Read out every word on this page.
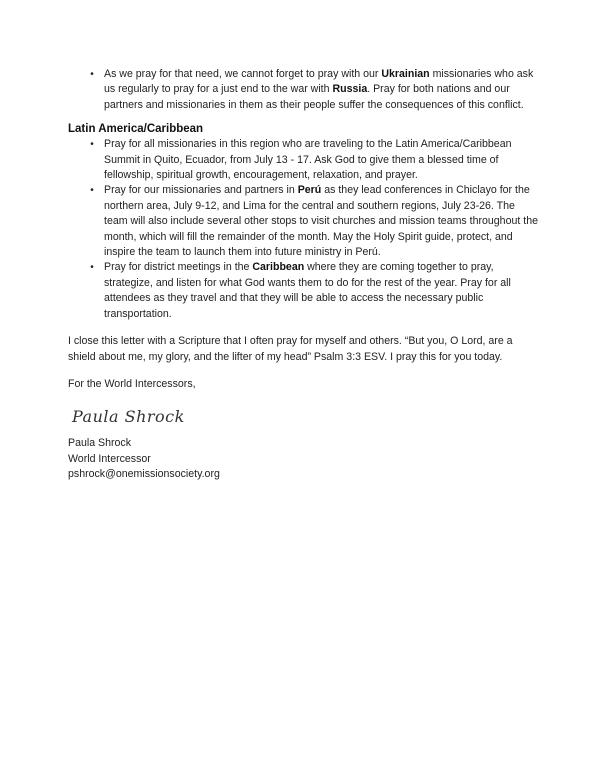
• As we pray for that need, we cannot forget to pray with our Ukrainian missionaries who ask us regularly to pray for a just end to the war with Russia. Pray for both nations and our partners and missionaries in them as their people suffer the consequences of this conflict.
Latin America/Caribbean
• Pray for all missionaries in this region who are traveling to the Latin America/Caribbean Summit in Quito, Ecuador, from July 13 - 17. Ask God to give them a blessed time of fellowship, spiritual growth, encouragement, relaxation, and prayer.
• Pray for our missionaries and partners in Perú as they lead conferences in Chiclayo for the northern area, July 9-12, and Lima for the central and southern regions, July 23-26. The team will also include several other stops to visit churches and mission teams throughout the month, which will fill the remainder of the month. May the Holy Spirit guide, protect, and inspire the team to launch them into future ministry in Perú.
• Pray for district meetings in the Caribbean where they are coming together to pray, strategize, and listen for what God wants them to do for the rest of the year. Pray for all attendees as they travel and that they will be able to access the necessary public transportation.

I close this letter with a Scripture that I often pray for myself and others. “But you, O Lord, are a shield about me, my glory, and the lifter of my head” Psalm 3:3 ESV. I pray this for you today.

For the World Intercessors,

Paula Shrock

Paula Shrock

World Intercessor

pshrock@onemissionsociety.org
